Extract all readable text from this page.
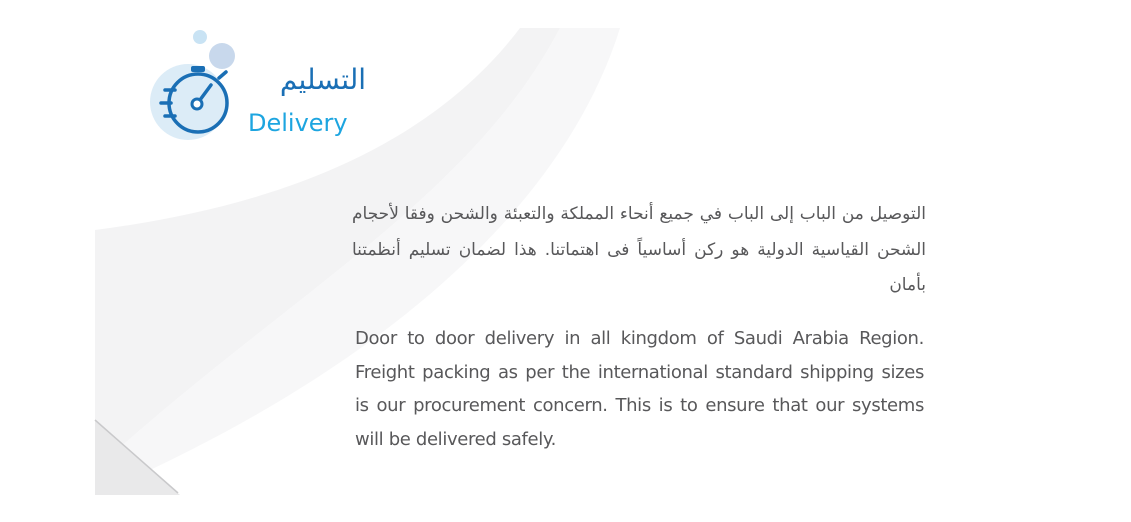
التسليم
Delivery
التوصيل من الباب إلى الباب في جميع أنحاء المملكة والتعبئة والشحن وفقا لأحجام الشحن القياسية الدولية هو ركن أساسياً فى اهتماتنا. هذا لضمان تسليم أنظمتنا بأمان
Door to door delivery in all kingdom of Saudi Arabia Region. Freight packing as per the international standard shipping sizes is our procurement concern. This is to ensure that our systems will be delivered safely.
